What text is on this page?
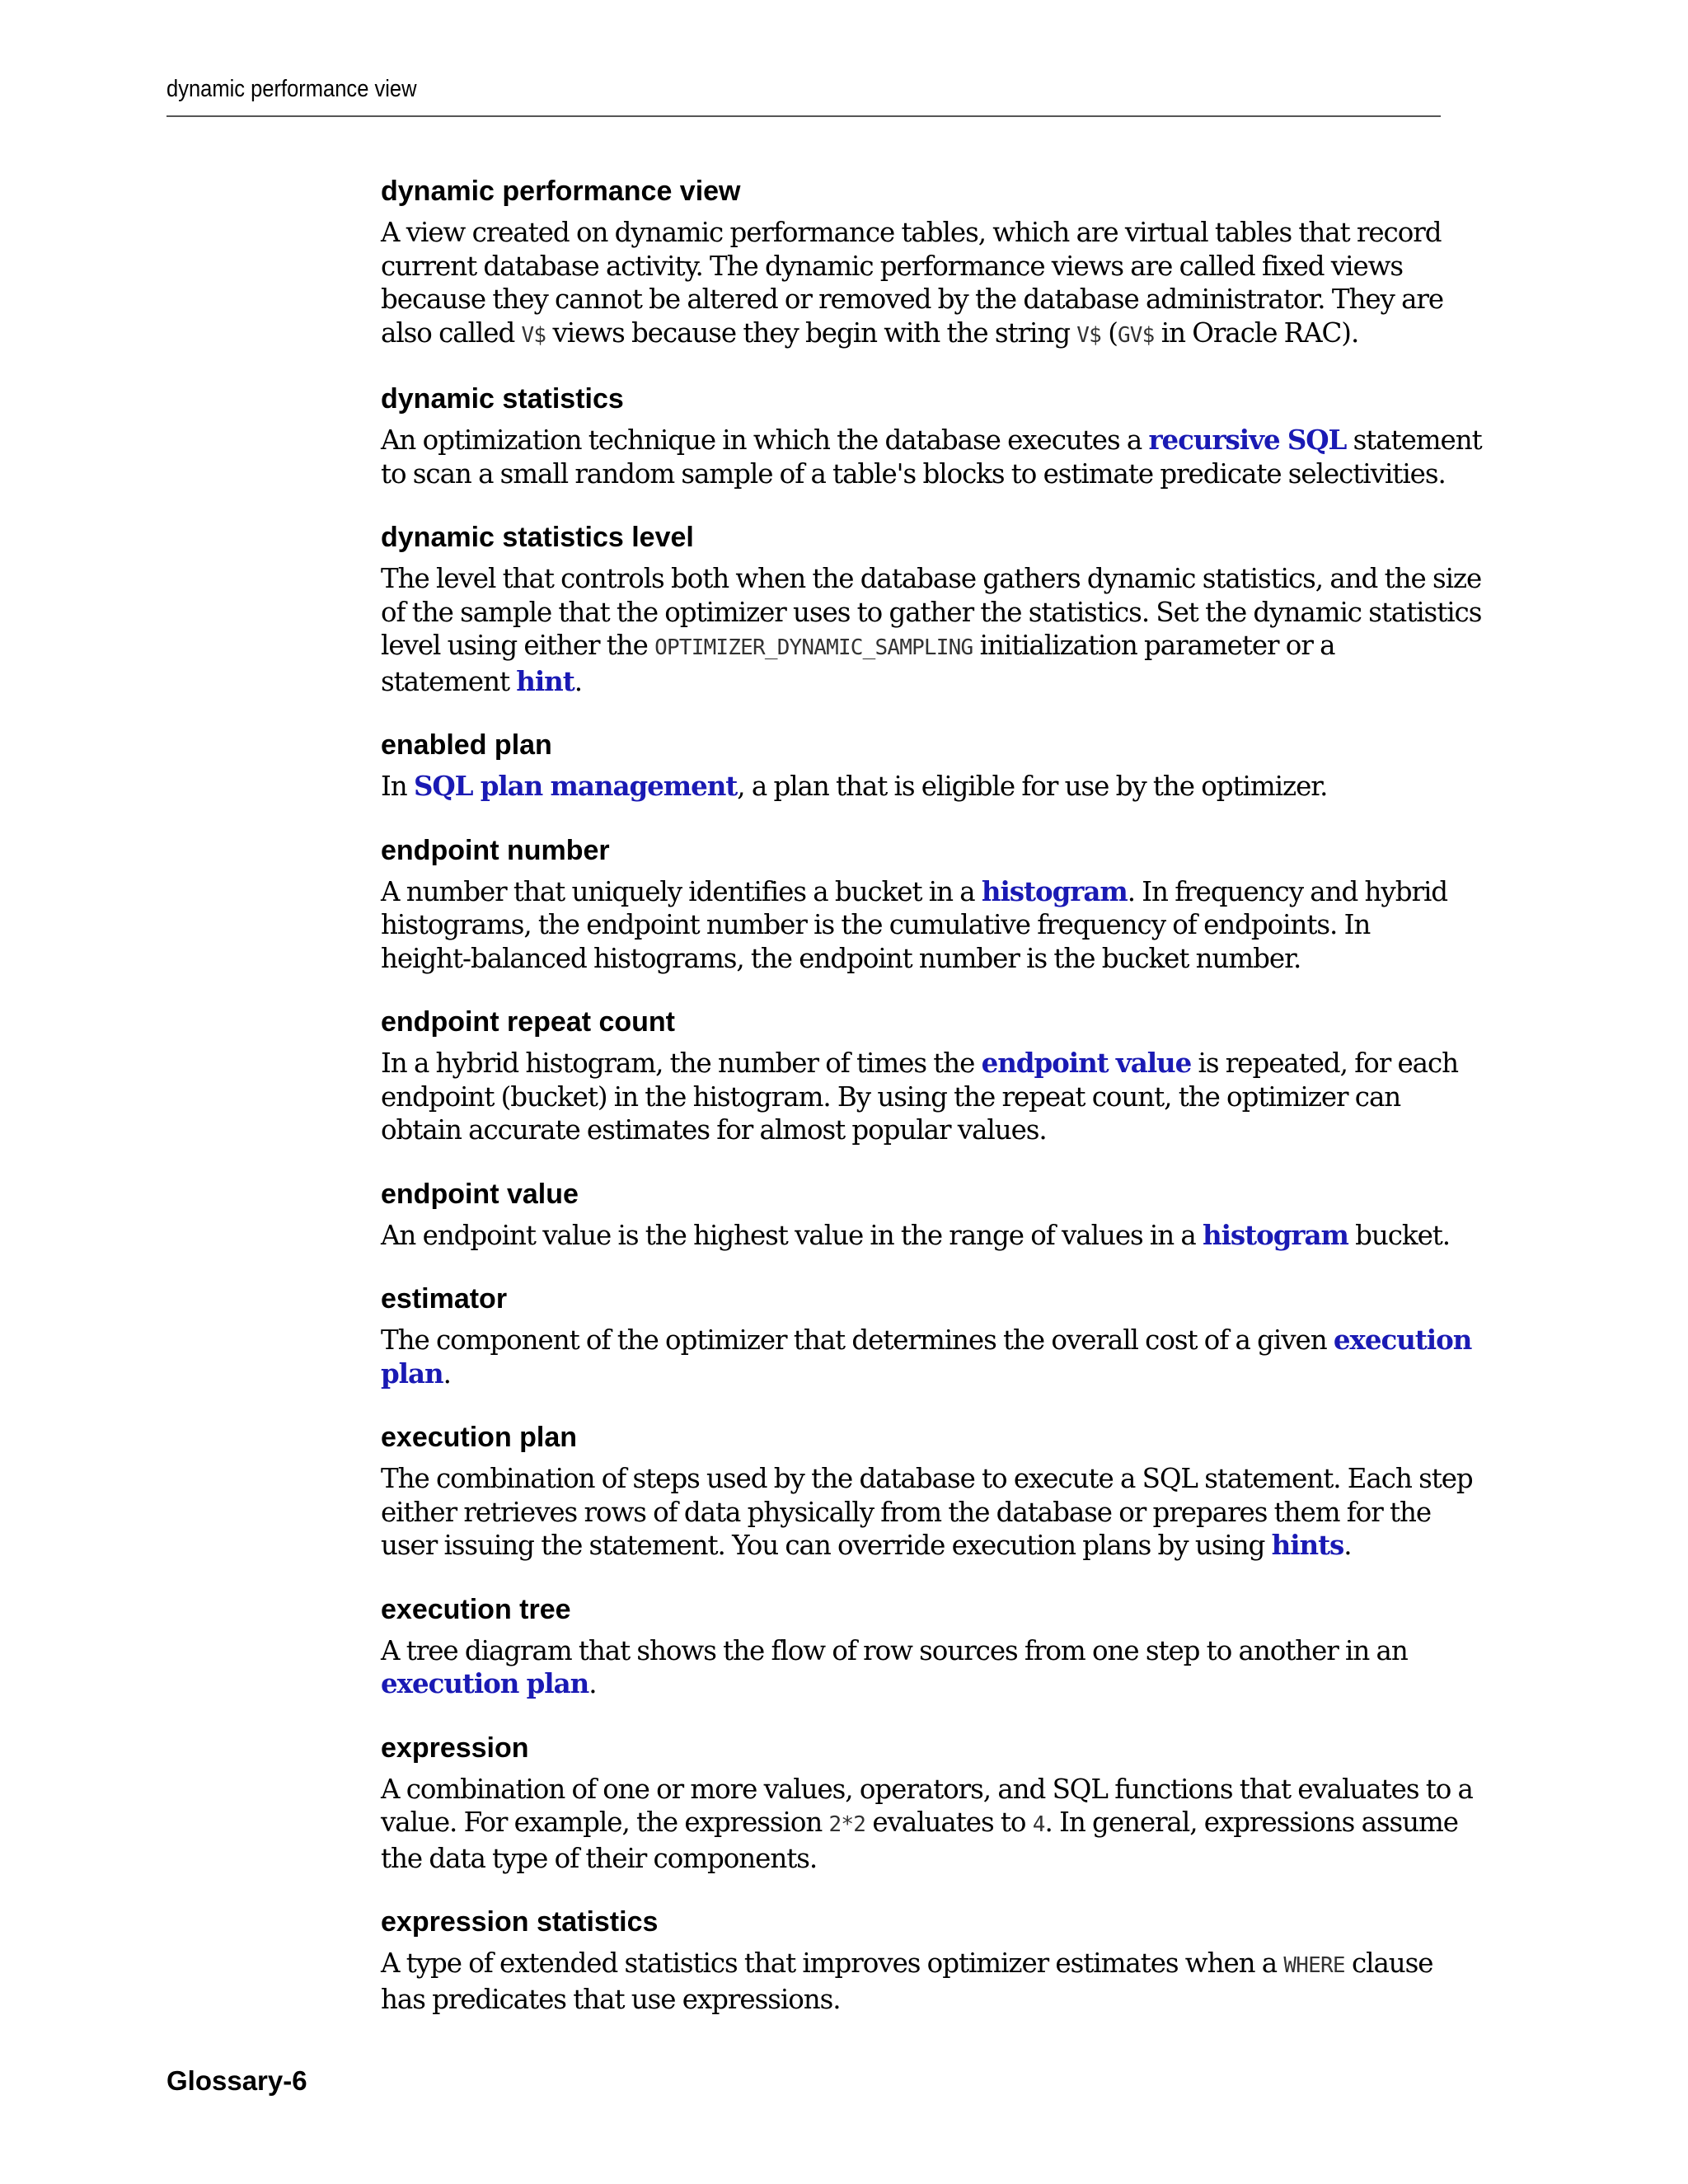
dynamic performance view
dynamic performance view
A view created on dynamic performance tables, which are virtual tables that record
current database activity. The dynamic performance views are called fixed views
because they cannot be altered or removed by the database administrator. They are
also called V$ views because they begin with the string V$ (GV$ in Oracle RAC).
dynamic statistics
An optimization technique in which the database executes a recursive SQL statement
to scan a small random sample of a table's blocks to estimate predicate selectivities.
dynamic statistics level
The level that controls both when the database gathers dynamic statistics, and the size
of the sample that the optimizer uses to gather the statistics. Set the dynamic statistics
level using either the OPTIMIZER_DYNAMIC_SAMPLING initialization parameter or a
statement hint.
enabled plan
In SQL plan management, a plan that is eligible for use by the optimizer.
endpoint number
A number that uniquely identifies a bucket in a histogram. In frequency and hybrid
histograms, the endpoint number is the cumulative frequency of endpoints. In
height-balanced histograms, the endpoint number is the bucket number.
endpoint repeat count
In a hybrid histogram, the number of times the endpoint value is repeated, for each
endpoint (bucket) in the histogram. By using the repeat count, the optimizer can
obtain accurate estimates for almost popular values.
endpoint value
An endpoint value is the highest value in the range of values in a histogram bucket.
estimator
The component of the optimizer that determines the overall cost of a given execution
plan.
execution plan
The combination of steps used by the database to execute a SQL statement. Each step
either retrieves rows of data physically from the database or prepares them for the
user issuing the statement. You can override execution plans by using hints.
execution tree
A tree diagram that shows the flow of row sources from one step to another in an
execution plan.
expression
A combination of one or more values, operators, and SQL functions that evaluates to a
value. For example, the expression 2*2 evaluates to 4. In general, expressions assume
the data type of their components.
expression statistics
A type of extended statistics that improves optimizer estimates when a WHERE clause
has predicates that use expressions.
Glossary-6
